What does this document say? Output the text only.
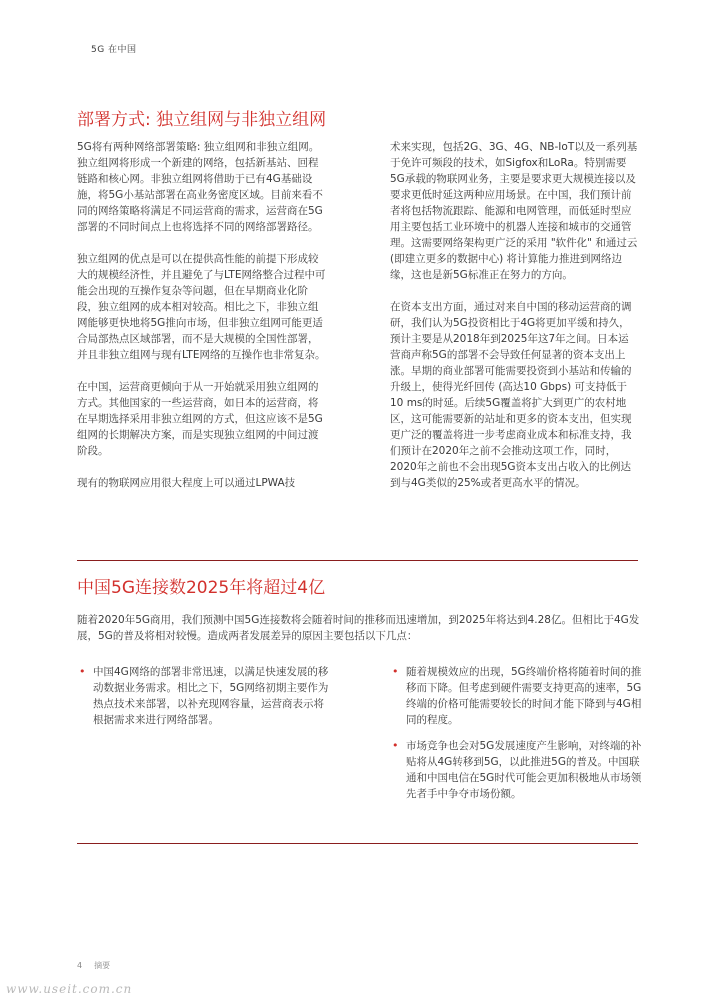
5G 在中国
部署方式: 独立组网与非独立组网

5G将有两种网络部署策略: 独立组网和非独立组网。独立组网将形成一个新建的网络，包括新基站、回程链路和核心网。非独立组网将借助于已有4G基础设施，将5G小基站部署在高业务密度区域。目前来看不同的网络策略将满足不同运营商的需求，运营商在5G部署的不同时间点上也将选择不同的网络部署路径。

独立组网的优点是可以在提供高性能的前提下形成较大的规模经济性，并且避免了与LTE网络整合过程中可能会出现的互操作复杂等问题，但在早期商业化阶段，独立组网的成本相对较高。相比之下，非独立组网能够更快地将5G推向市场，但非独立组网可能更适合局部热点区域部署，而不是大规模的全国性部署，并且非独立组网与现有LTE网络的互操作也非常复杂。

在中国，运营商更倾向于从一开始就采用独立组网的方式。其他国家的一些运营商，如日本的运营商，将在早期选择采用非独立组网的方式，但这应该不是5G组网的长期解决方案，而是实现独立组网的中间过渡阶段。

现有的物联网应用很大程度上可以通过LPWA技

术来实现，包括2G、3G、4G、NB-IoT以及一系列基于免许可频段的技术，如Sigfox和LoRa。特别需要5G承载的物联网业务，主要是要求更大规模连接以及要求更低时延这两种应用场景。在中国，我们预计前者将包括物流跟踪、能源和电网管理，而低延时型应用主要包括工业环境中的机器人连接和城市的交通管理。这需要网络架构更广泛的采用 "软件化" 和通过云 (即建立更多的数据中心) 将计算能力推进到网络边缘，这也是新5G标准正在努力的方向。

在资本支出方面，通过对来自中国的移动运营商的调研，我们认为5G投资相比于4G将更加平缓和持久，预计主要是从2018年到2025年这7年之间。日本运营商声称5G的部署不会导致任何显著的资本支出上涨。早期的商业部署可能需要投资到小基站和传输的升级上，使得光纤回传 (高达10 Gbps) 可支持低于10 ms的时延。后续5G覆盖将扩大到更广的农村地区，这可能需要新的站址和更多的资本支出，但实现更广泛的覆盖将进一步考虑商业成本和标准支持，我们预计在2020年之前不会推动这项工作，同时，2020年之前也不会出现5G资本支出占收入的比例达到与4G类似的25%或者更高水平的情况。

中国5G连接数2025年将超过4亿

随着2020年5G商用，我们预测中国5G连接数将会随着时间的推移而迅速增加，到2025年将达到4.28亿。但相比于4G发展，5G的普及将相对较慢。造成两者发展差异的原因主要包括以下几点：

• 中国4G网络的部署非常迅速，以满足快速发展的移动数据业务需求。相比之下，5G网络初期主要作为热点技术来部署，以补充现网容量，运营商表示将根据需求来进行网络部署。
• 随着规模效应的出现，5G终端价格将随着时间的推移而下降。但考虑到硬件需要支持更高的速率，5G终端的价格可能需要较长的时间才能下降到与4G相同的程度。
• 市场竞争也会对5G发展速度产生影响，对终端的补贴将从4G转移到5G，以此推进5G的普及。中国联通和中国电信在5G时代可能会更加积极地从市场领先者手中争夺市场份额。
4 摘要
www.useit.com.cn
